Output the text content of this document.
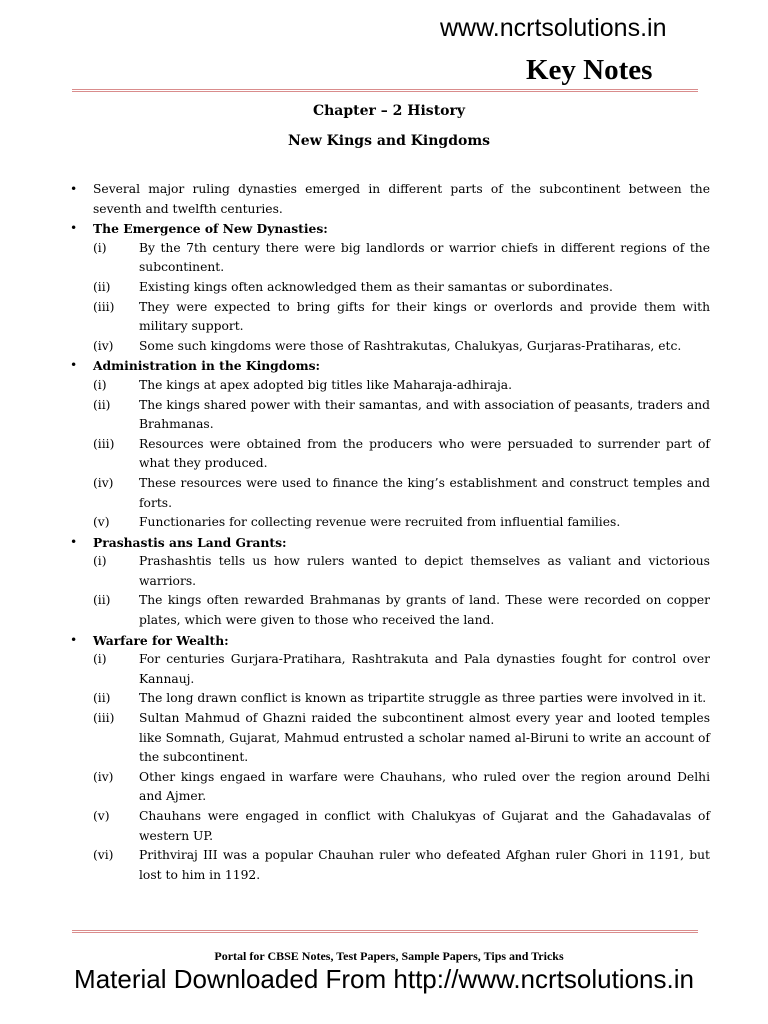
www.ncrtsolutions.in
Key Notes
Chapter – 2 History
New Kings and Kingdoms
•	Several major ruling dynasties emerged in different parts of the subcontinent between the seventh and twelfth centuries.
•	The Emergence of New Dynasties:
(i)	By the 7th century there were big landlords or warrior chiefs in different regions of the subcontinent.
(ii)	Existing kings often acknowledged them as their samantas or subordinates.
(iii)	They were expected to bring gifts for their kings or overlords and provide them with military support.
(iv)	Some such kingdoms were those of Rashtrakutas, Chalukyas, Gurjaras-Pratiharas, etc.
•	Administration in the Kingdoms:
(i)	The kings at apex adopted big titles like Maharaja-adhiraja.
(ii)	The kings shared power with their samantas, and with association of peasants, traders and Brahmanas.
(iii)	Resources were obtained from the producers who were persuaded to surrender part of what they produced.
(iv)	These resources were used to finance the king’s establishment and construct temples and forts.
(v)	Functionaries for collecting revenue were recruited from influential families.
•	Prashastis ans Land Grants:
(i)	Prashashtis tells us how rulers wanted to depict themselves as valiant and victorious warriors.
(ii)	The kings often rewarded Brahmanas by grants of land. These were recorded on copper plates, which were given to those who received the land.
•	Warfare for Wealth:
(i)	For centuries Gurjara-Pratihara, Rashtrakuta and Pala dynasties fought for control over Kannauj.
(ii)	The long drawn conflict is known as tripartite struggle as three parties were involved in it.
(iii)	Sultan Mahmud of Ghazni raided the subcontinent almost every year and looted temples like Somnath, Gujarat, Mahmud entrusted a scholar named al-Biruni to write an account of the subcontinent.
(iv)	Other kings engaed in warfare were Chauhans, who ruled over the region around Delhi and Ajmer.
(v)	Chauhans were engaged in conflict with Chalukyas of Gujarat and the Gahadavalas of western UP.
(vi)	Prithviraj III was a popular Chauhan ruler who defeated Afghan ruler Ghori in 1191, but lost to him in 1192.
Portal for CBSE Notes, Test Papers, Sample Papers, Tips and Tricks
Material Downloaded From http://www.ncrtsolutions.in
